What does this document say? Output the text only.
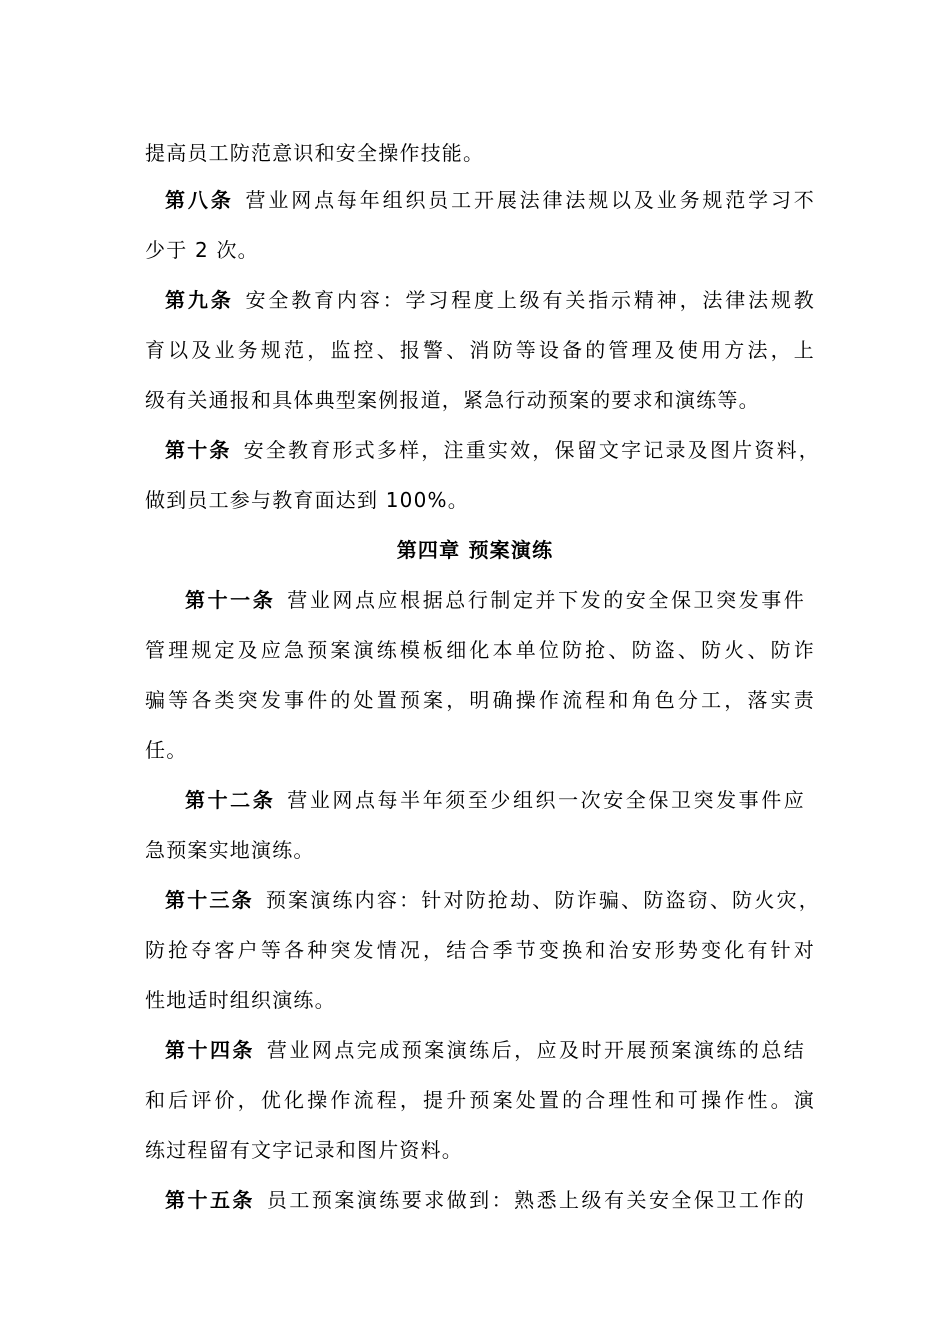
提高员工防范意识和安全操作技能。
第八条 营业网点每年组织员工开展法律法规以及业务规范学习不
少于 2 次。
第九条 安全教育内容：学习程度上级有关指示精神，法律法规教
育以及业务规范，监控、报警、消防等设备的管理及使用方法，上
级有关通报和具体典型案例报道，紧急行动预案的要求和演练等。
第十条 安全教育形式多样，注重实效，保留文字记录及图片资料，
做到员工参与教育面达到 100%。
第四章 预案演练
第十一条 营业网点应根据总行制定并下发的安全保卫突发事件
管理规定及应急预案演练模板细化本单位防抢、防盗、防火、防诈
骗等各类突发事件的处置预案，明确操作流程和角色分工，落实责
任。
第十二条 营业网点每半年须至少组织一次安全保卫突发事件应
急预案实地演练。
第十三条 预案演练内容：针对防抢劫、防诈骗、防盗窃、防火灾，
防抢夺客户等各种突发情况，结合季节变换和治安形势变化有针对
性地适时组织演练。
第十四条 营业网点完成预案演练后，应及时开展预案演练的总结
和后评价，优化操作流程，提升预案处置的合理性和可操作性。演
练过程留有文字记录和图片资料。
第十五条 员工预案演练要求做到：熟悉上级有关安全保卫工作的
